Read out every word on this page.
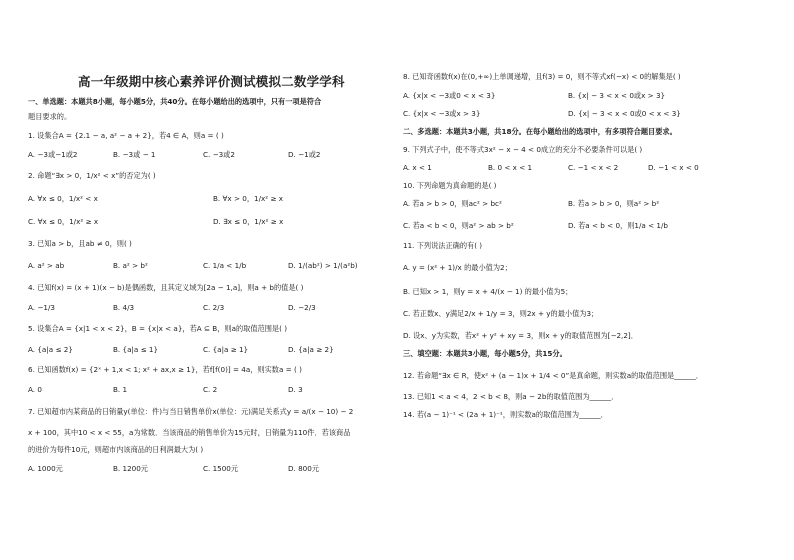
高一年级期中核心素养评价测试模拟二数学学科
一、单选题：本题共8小题，每小题5分，共40分。在每小题给出的选项中，只有一项是符合
题目要求的。
1. 设集合A = {2.1 − a, a² − a + 2}，若4 ∈ A，则a = ( )
A. −3或−1或2	B. −3或 − 1	C. −3或2	D. −1或2
2. 命题“∃x > 0，1/x² < x”的否定为( )
A. ∀x ≤ 0，1/x² < x	B. ∀x > 0，1/x² ≥ x
C. ∀x ≤ 0，1/x² ≥ x	D. ∃x ≤ 0，1/x² ≥ x
3. 已知a > b，且ab ≠ 0，则( )
A. a² > ab	B. a² > b²	C. 1/a < 1/b	D. 1/(ab²) > 1/(a²b)
4. 已知f(x) = (x + 1)(x − b)是偶函数，且其定义域为[2a − 1,a]，则a + b的值是( )
A. −1/3	B. 4/3	C. 2/3	D. −2/3
5. 设集合A = {x|1 < x < 2}，B = {x|x < a}，若A ⊆ B，则a的取值范围是( )
A. {a|a ≤ 2}	B. {a|a ≤ 1}	C. {a|a ≥ 1}	D. {a|a ≥ 2}
6. 已知函数f(x) = {2ˣ + 1,x < 1; x² + ax,x ≥ 1}，若f[f(0)] = 4a，则实数a = ( )
A. 0	B. 1	C. 2	D. 3
7. 已知超市内某商品的日销量y(单位：件)与当日销售单价x(单位：元)满足关系式y = a/(x − 10) − 2
x + 100，其中10 < x < 55，a为常数．当该商品的销售单价为15元时，日销量为110件．若该商品
的进价为每件10元，则超市内该商品的日利润最大为( )
A. 1000元	B. 1200元	C. 1500元	D. 800元
8. 已知奇函数f(x)在(0,+∞)上单调递增，且f(3) = 0，则不等式xf(−x) < 0的解集是( )
A. {x|x < −3或0 < x < 3}	B. {x| − 3 < x < 0或x > 3}
C. {x|x < −3或x > 3}	D. {x| − 3 < x < 0或0 < x < 3}
二、多选题：本题共3小题，共18分。在每小题给出的选项中，有多项符合题目要求。
9. 下列式子中，使不等式3x² − x − 4 < 0成立的充分不必要条件可以是( )
A. x < 1	B. 0 < x < 1	C. −1 < x < 2	D. −1 < x < 0
10. 下列命题为真命题的是( )
A. 若a > b > 0，则ac² > bc²	B. 若a > b > 0，则a² > b²
C. 若a < b < 0，则a² > ab > b²	D. 若a < b < 0，则1/a < 1/b
11. 下列说法正确的有( )
A. y = (x² + 1)/x 的最小值为2；
B. 已知x > 1，则y = x + 4/(x − 1) 的最小值为5；
C. 若正数x、y满足2/x + 1/y = 3，则2x + y的最小值为3；
D. 设x、y为实数，若x² + y² + xy = 3，则x + y的取值范围为[−2,2]．
三、填空题：本题共3小题，每小题5分，共15分。
12. 若命题“∃x ∈ R，使x² + (a − 1)x + 1/4 < 0”是真命题，则实数a的取值范围是______．
13. 已知1 < a < 4，2 < b < 8，则a − 2b的取值范围为______．
14. 若(a − 1)⁻¹ < (2a + 1)⁻¹，则实数a的取值范围为______．
